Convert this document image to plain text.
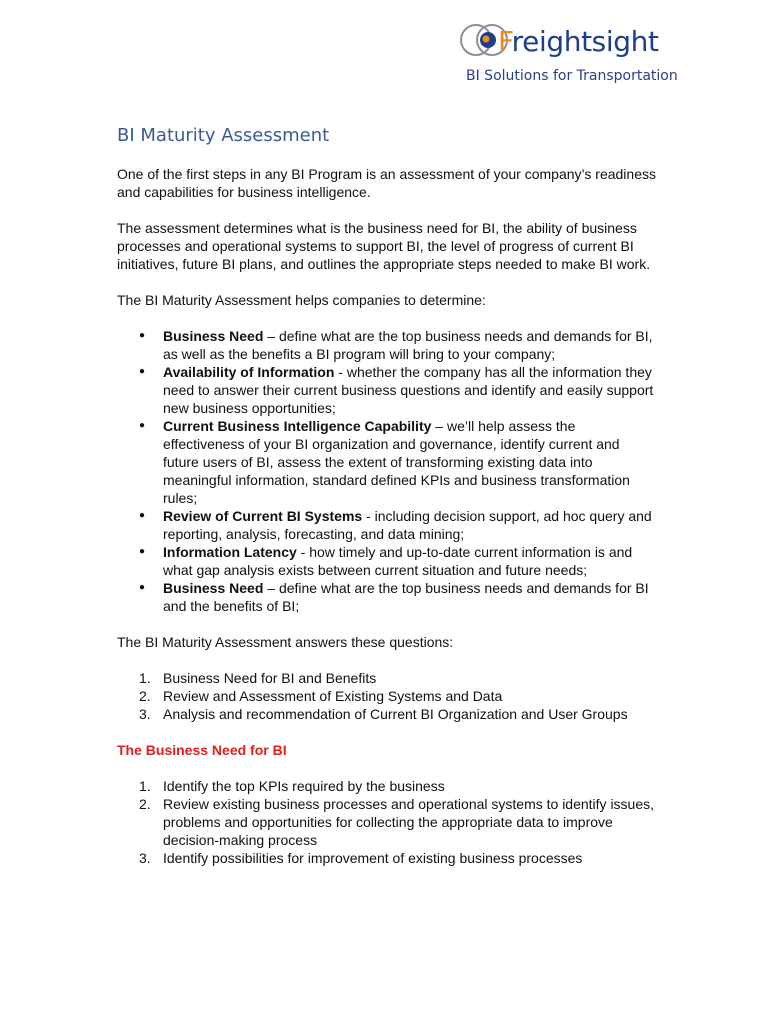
Freightsight
BI Solutions for Transportation
BI Maturity Assessment

One of the first steps in any BI Program is an assessment of your company’s readiness and capabilities for business intelligence.

The assessment determines what is the business need for BI, the ability of business processes and operational systems to support BI, the level of progress of current BI initiatives, future BI plans, and outlines the appropriate steps needed to make BI work.

The BI Maturity Assessment helps companies to determine:

● Business Need – define what are the top business needs and demands for BI, as well as the benefits a BI program will bring to your company;
● Availability of Information - whether the company has all the information they need to answer their current business questions and identify and easily support new business opportunities;
● Current Business Intelligence Capability – we’ll help assess the effectiveness of your BI organization and governance, identify current and future users of BI, assess the extent of transforming existing data into meaningful information, standard defined KPIs and business transformation rules;
● Review of Current BI Systems - including decision support, ad hoc query and reporting, analysis, forecasting, and data mining;
● Information Latency - how timely and up-to-date current information is and what gap analysis exists between current situation and future needs;
● Business Need – define what are the top business needs and demands for BI and the benefits of BI;

The BI Maturity Assessment answers these questions:

1. Business Need for BI and Benefits
2. Review and Assessment of Existing Systems and Data
3. Analysis and recommendation of Current BI Organization and User Groups
The Business Need for BI
1. Identify the top KPIs required by the business
2. Review existing business processes and operational systems to identify issues, problems and opportunities for collecting the appropriate data to improve decision-making process
3. Identify possibilities for improvement of existing business processes
